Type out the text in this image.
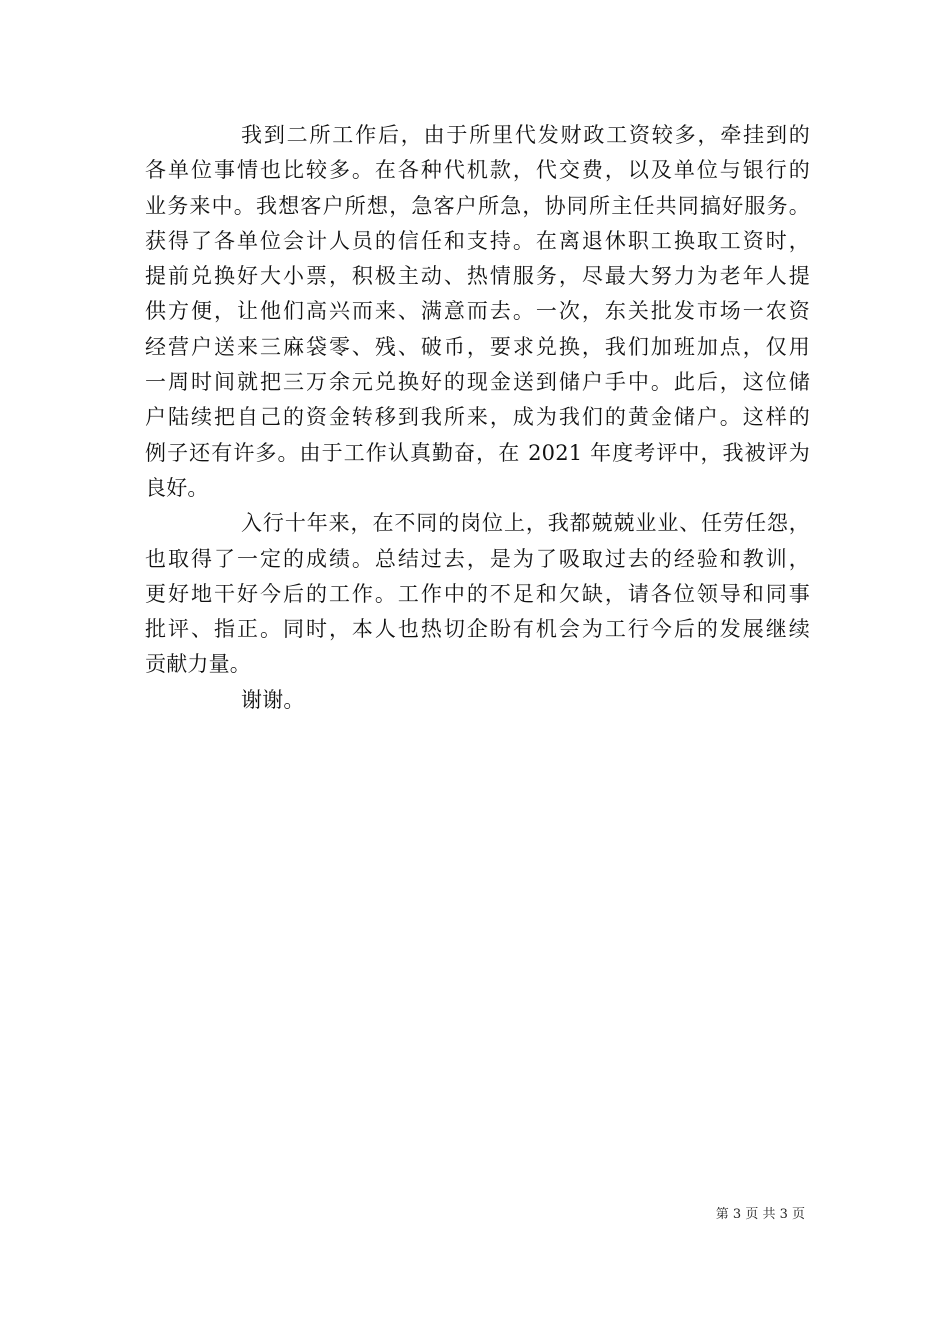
我到二所工作后，由于所里代发财政工资较多，牵挂到的
各单位事情也比较多。在各种代机款，代交费，以及单位与银行的
业务来中。我想客户所想，急客户所急，协同所主任共同搞好服务。
获得了各单位会计人员的信任和支持。在离退休职工换取工资时，
提前兑换好大小票，积极主动、热情服务，尽最大努力为老年人提
供方便，让他们高兴而来、满意而去。一次，东关批发市场一农资
经营户送来三麻袋零、残、破币，要求兑换，我们加班加点，仅用
一周时间就把三万余元兑换好的现金送到储户手中。此后，这位储
户陆续把自己的资金转移到我所来，成为我们的黄金储户。这样的
例子还有许多。由于工作认真勤奋，在 2021 年度考评中，我被评为
良好。

入行十年来，在不同的岗位上，我都兢兢业业、任劳任怨，
也取得了一定的成绩。总结过去，是为了吸取过去的经验和教训，
更好地干好今后的工作。工作中的不足和欠缺，请各位领导和同事
批评、指正。同时，本人也热切企盼有机会为工行今后的发展继续
贡献力量。

谢谢。

第 3 页 共 3 页
